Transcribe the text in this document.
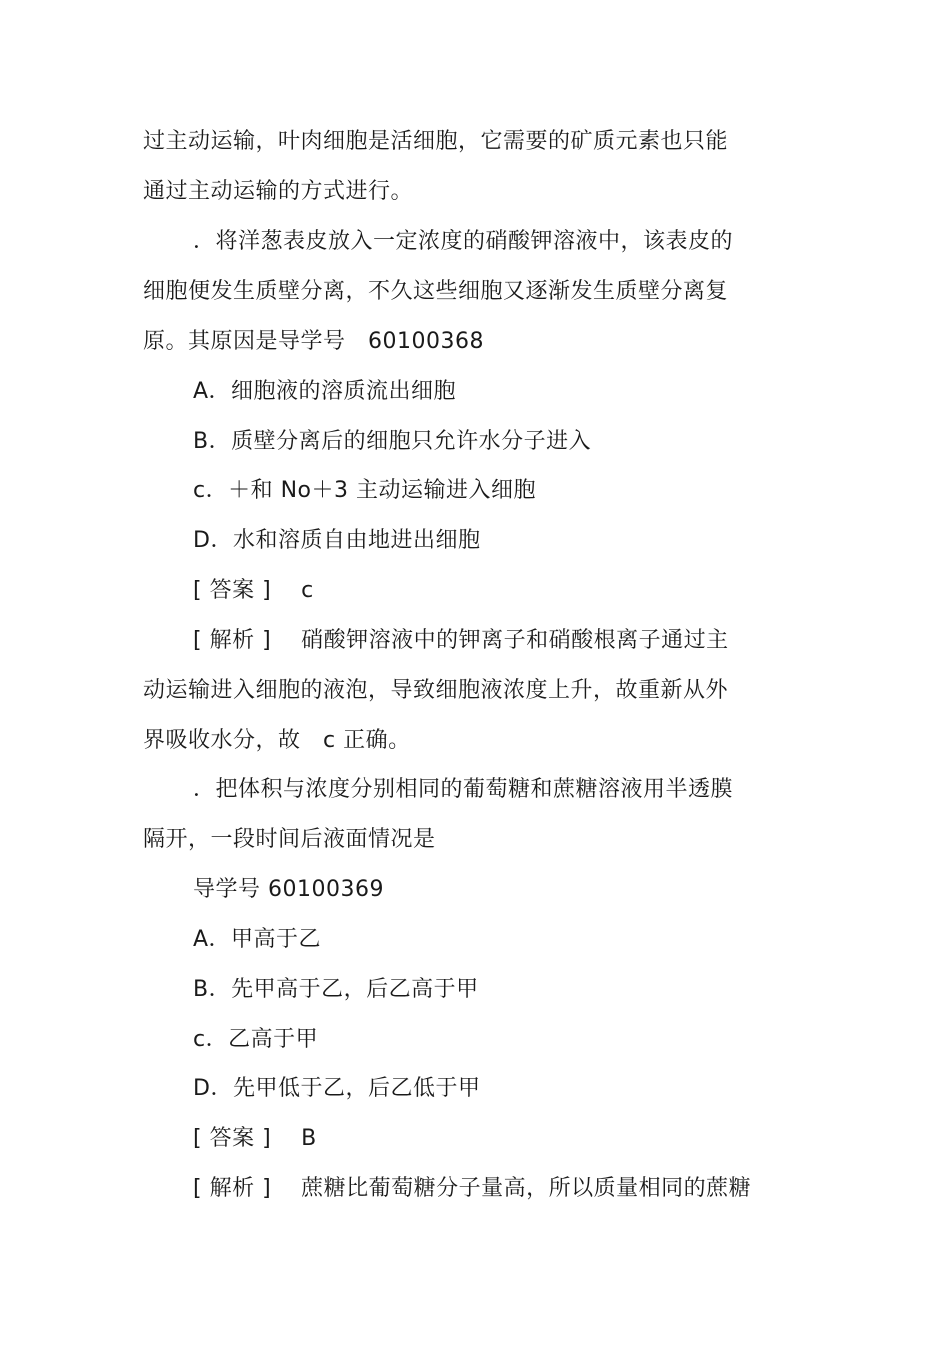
过主动运输，叶肉细胞是活细胞，它需要的矿质元素也只能
通过主动运输的方式进行。
．将洋葱表皮放入一定浓度的硝酸钾溶液中，该表皮的
细胞便发生质壁分离，不久这些细胞又逐渐发生质壁分离复
原。其原因是导学号　60100368
A．细胞液的溶质流出细胞
B．质壁分离后的细胞只允许水分子进入
c．＋和 No＋3 主动运输进入细胞
D．水和溶质自由地进出细胞
[ 答案 ]　 c
[ 解析 ]　 硝酸钾溶液中的钾离子和硝酸根离子通过主
动运输进入细胞的液泡，导致细胞液浓度上升，故重新从外
界吸收水分，故　c 正确。
．把体积与浓度分别相同的葡萄糖和蔗糖溶液用半透膜
隔开，一段时间后液面情况是
导学号 60100369
A．甲高于乙
B．先甲高于乙，后乙高于甲
c．乙高于甲
D．先甲低于乙，后乙低于甲
[ 答案 ]　 B
[ 解析 ]　 蔗糖比葡萄糖分子量高，所以质量相同的蔗糖
